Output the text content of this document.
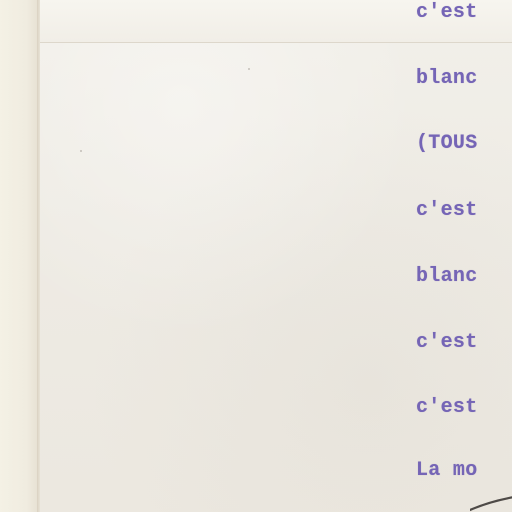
c'est

blanc

(TOUS

c'est

blanc

c'est

c'est

La mo
